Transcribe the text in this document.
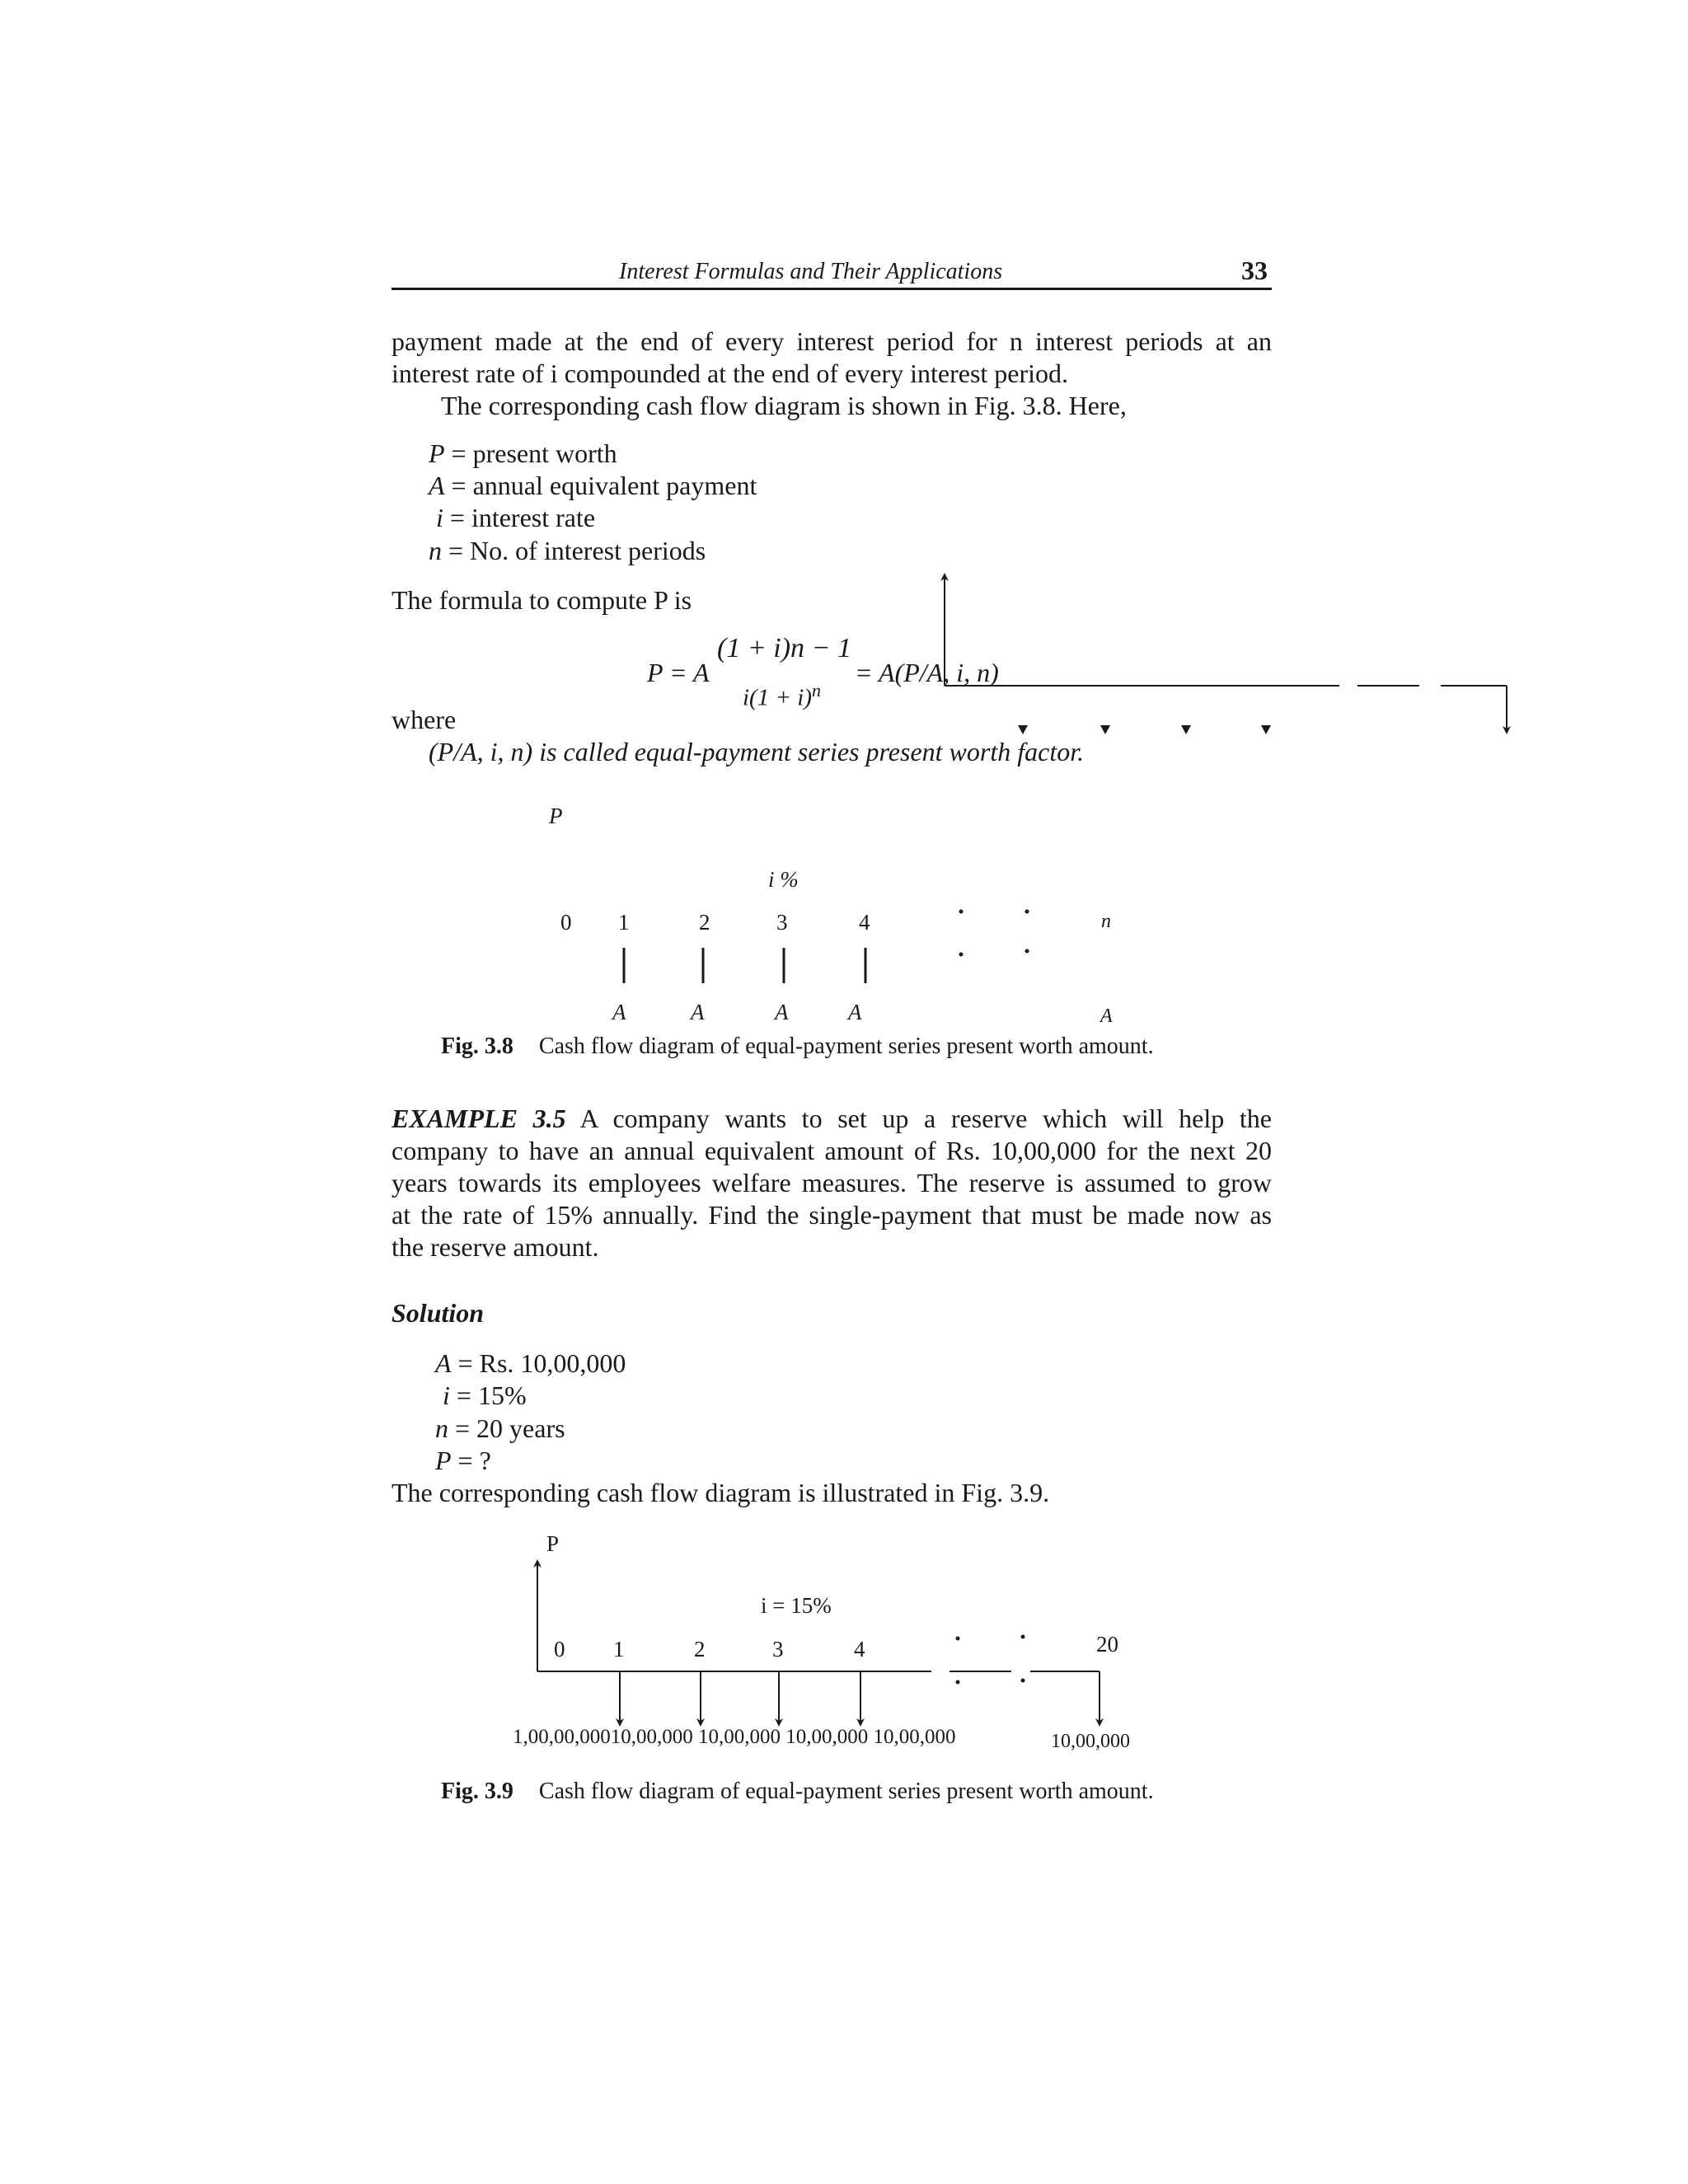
Interest Formulas and Their Applications	33
payment made at the end of every interest period for n interest periods at an
interest rate of i compounded at the end of every interest period.
The corresponding cash flow diagram is shown in Fig. 3.8. Here,
P = present worth
A = annual equivalent payment
i = interest rate
n = No. of interest periods
The formula to compute P is
P = A
(1 + i)n − 1
$i(1 + i)^n$
= A(P/A, i, n)
where
(P/A, i, n) is called equal-payment series present worth factor.
P
i %
0 1	2	3	4	n
A	A	A	A	A
Fig. 3.8 Cash flow diagram of equal-payment series present worth amount.
EXAMPLE 3.5 A company wants to set up a reserve which will help the
company to have an annual equivalent amount of Rs. 10,00,000 for the next 20
years towards its employees welfare measures. The reserve is assumed to grow
at the rate of 15% annually. Find the single-payment that must be made now as
the reserve amount.
Solution
A = Rs. 10,00,000
i = 15%
n = 20 years
P = ?
The corresponding cash flow diagram is illustrated in Fig. 3.9.
P
i = 15%
0 1	2	3	4	20
1,00,00,00010,00,000 10,00,000 10,00,000 10,00,000	10,00,000
Fig. 3.9 Cash flow diagram of equal-payment series present worth amount.
